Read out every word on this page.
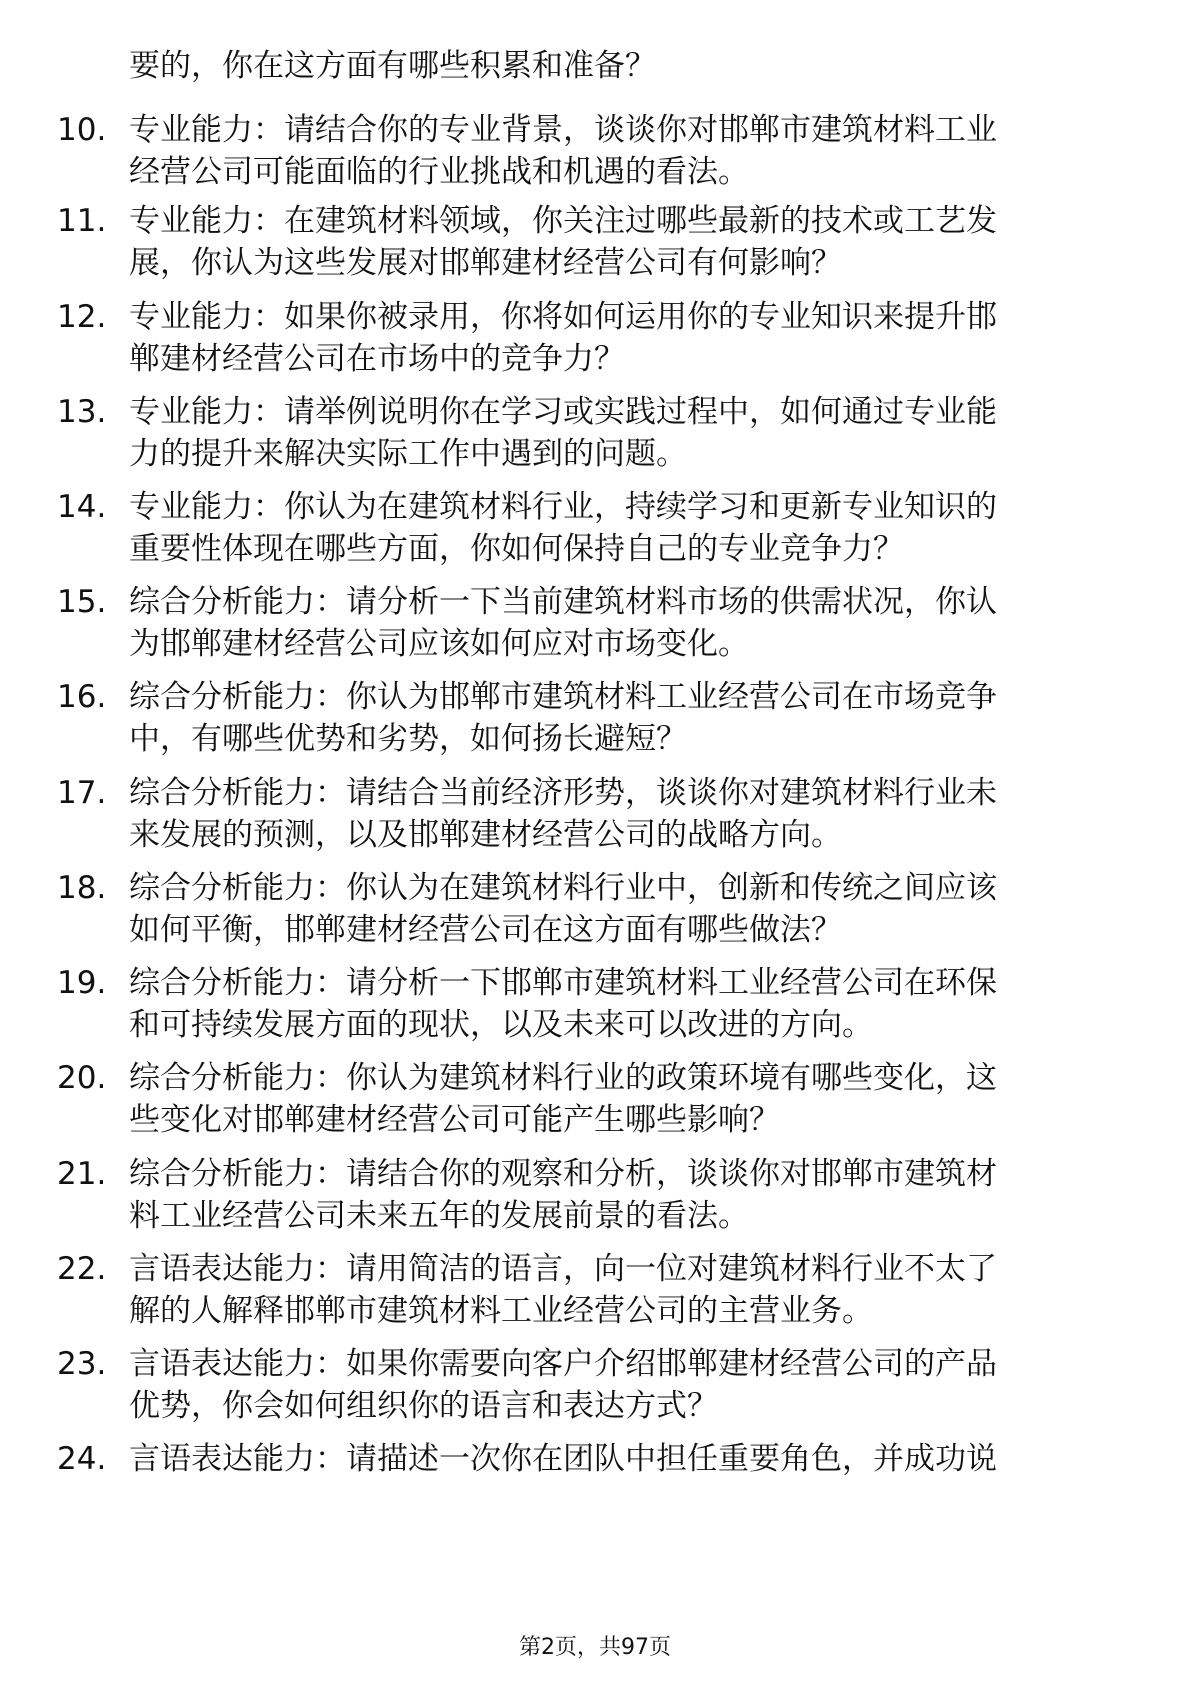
要的，你在这方面有哪些积累和准备？
10. 专业能力：请结合你的专业背景，谈谈你对邯郸市建筑材料工业
经营公司可能面临的行业挑战和机遇的看法。
11. 专业能力：在建筑材料领域，你关注过哪些最新的技术或工艺发
展，你认为这些发展对邯郸建材经营公司有何影响？
12. 专业能力：如果你被录用，你将如何运用你的专业知识来提升邯
郸建材经营公司在市场中的竞争力？
13. 专业能力：请举例说明你在学习或实践过程中，如何通过专业能
力的提升来解决实际工作中遇到的问题。
14. 专业能力：你认为在建筑材料行业，持续学习和更新专业知识的
重要性体现在哪些方面，你如何保持自己的专业竞争力？
15. 综合分析能力：请分析一下当前建筑材料市场的供需状况，你认
为邯郸建材经营公司应该如何应对市场变化。
16. 综合分析能力：你认为邯郸市建筑材料工业经营公司在市场竞争
中，有哪些优势和劣势，如何扬长避短？
17. 综合分析能力：请结合当前经济形势，谈谈你对建筑材料行业未
来发展的预测，以及邯郸建材经营公司的战略方向。
18. 综合分析能力：你认为在建筑材料行业中，创新和传统之间应该
如何平衡，邯郸建材经营公司在这方面有哪些做法？
19. 综合分析能力：请分析一下邯郸市建筑材料工业经营公司在环保
和可持续发展方面的现状，以及未来可以改进的方向。
20. 综合分析能力：你认为建筑材料行业的政策环境有哪些变化，这
些变化对邯郸建材经营公司可能产生哪些影响？
21. 综合分析能力：请结合你的观察和分析，谈谈你对邯郸市建筑材
料工业经营公司未来五年的发展前景的看法。
22. 言语表达能力：请用简洁的语言，向一位对建筑材料行业不太了
解的人解释邯郸市建筑材料工业经营公司的主营业务。
23. 言语表达能力：如果你需要向客户介绍邯郸建材经营公司的产品
优势，你会如何组织你的语言和表达方式？
24. 言语表达能力：请描述一次你在团队中担任重要角色，并成功说
第2页，共97页
